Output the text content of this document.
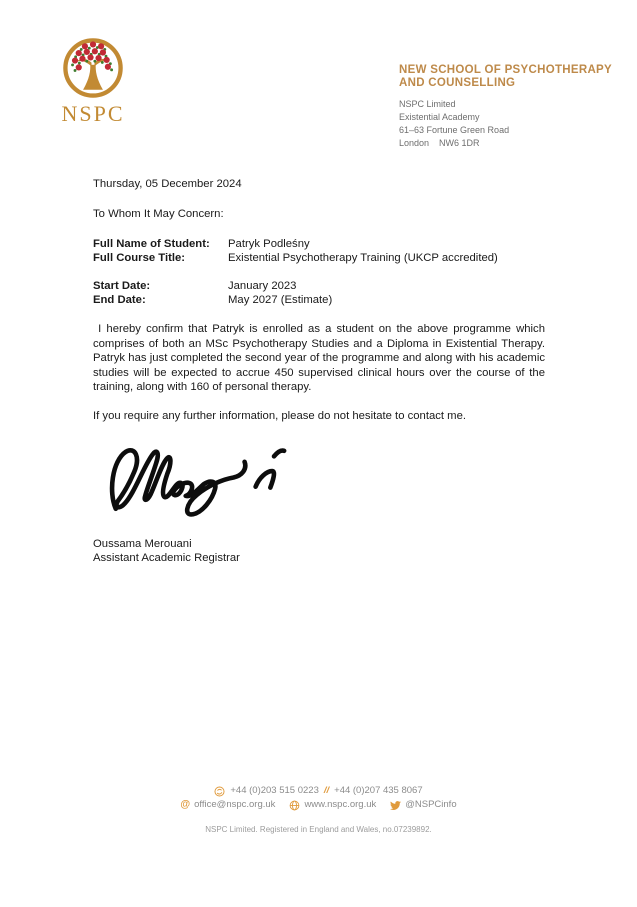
NSPC
NEW SCHOOL OF PSYCHOTHERAPY
AND COUNSELLING
NSPC Limited
Existential Academy
61–63 Fortune Green Road
London    NW6 1DR

Thursday, 05 December 2024

To Whom It May Concern:

Full Name of Student:	Patryk Podleśny
Full Course Title:	Existential Psychotherapy Training (UKCP accredited)
Start Date:	January 2023
End Date:	May 2027 (Estimate)

I hereby confirm that Patryk is enrolled as a student on the above programme which comprises of both an MSc Psychotherapy Studies and a Diploma in Existential Therapy. Patryk has just completed the second year of the programme and along with his academic studies will be expected to accrue 450 supervised clinical hours over the course of the training, along with 160 of personal therapy.

If you require any further information, please do not hesitate to contact me.

Oussama Merouani

Assistant Academic Registrar

+44 (0)203 515 0223 // +44 (0)207 435 8067
@ office@nspc.org.uk	www.nspc.org.uk	@NSPCinfo
NSPC Limited. Registered in England and Wales, no.07239892.
